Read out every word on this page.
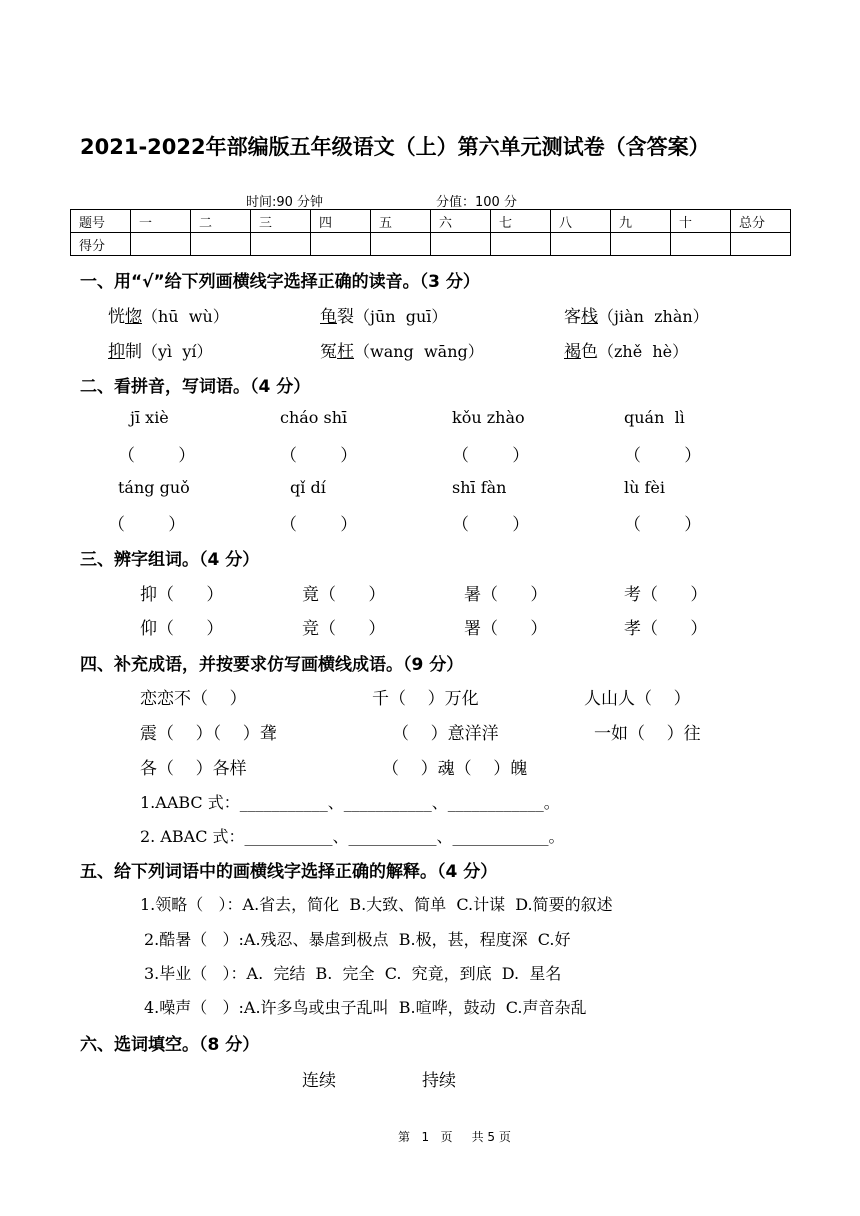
2021-2022年部编版五年级语文（上）第六单元测试卷（含答案）
时间:90 分钟	分值：100 分
题号	一	二	三	四	五	六	七	八	九	十	总分
得分											
一、用“√”给下列画横线字选择正确的读音。（3 分）
恍惚（hū  wù）	龟裂（jūn  guī）	客栈（jiàn  zhàn）
抑制（yì  yí）	冤枉（wang  wāng）	褐色（zhě  hè）
二、看拼音，写词语。（4 分）
jī xiè	cháo shī	kǒu zhào	quán  lì
（        ）	（        ）	（        ）	（        ）
táng guǒ	qǐ dí	shī fàn	lù fèi
（        ）	（        ）	（        ）	（        ）
三、辨字组词。（4 分）
抑（      ）	竟（      ）	暑（      ）	考（      ）
仰（      ）	竞（      ）	署（      ）	孝（      ）
四、补充成语，并按要求仿写画横线成语。（9 分）
恋恋不（    ）	千（    ）万化	人山人（    ）
震（    ）（    ）聋	（    ）意洋洋	一如（    ）往
各（    ）各样	（    ）魂（    ）魄
1.AABC 式：___________、___________、____________。
2. ABAC 式：___________、___________、____________。
五、给下列词语中的画横线字选择正确的解释。（4 分）
1.领略（   ）：A.省去，简化  B.大致、简单  C.计谋  D.简要的叙述
2.酷暑（   ）:A.残忍、暴虐到极点  B.极，甚，程度深  C.好
3.毕业（   ）：A.  完结  B.  完全  C.  究竟，到底  D.  星名
4.噪声（   ）:A.许多鸟或虫子乱叫  B.喧哗，鼓动  C.声音杂乱
六、选词填空。（8 分）
连续	持续
第   1   页     共 5 页
